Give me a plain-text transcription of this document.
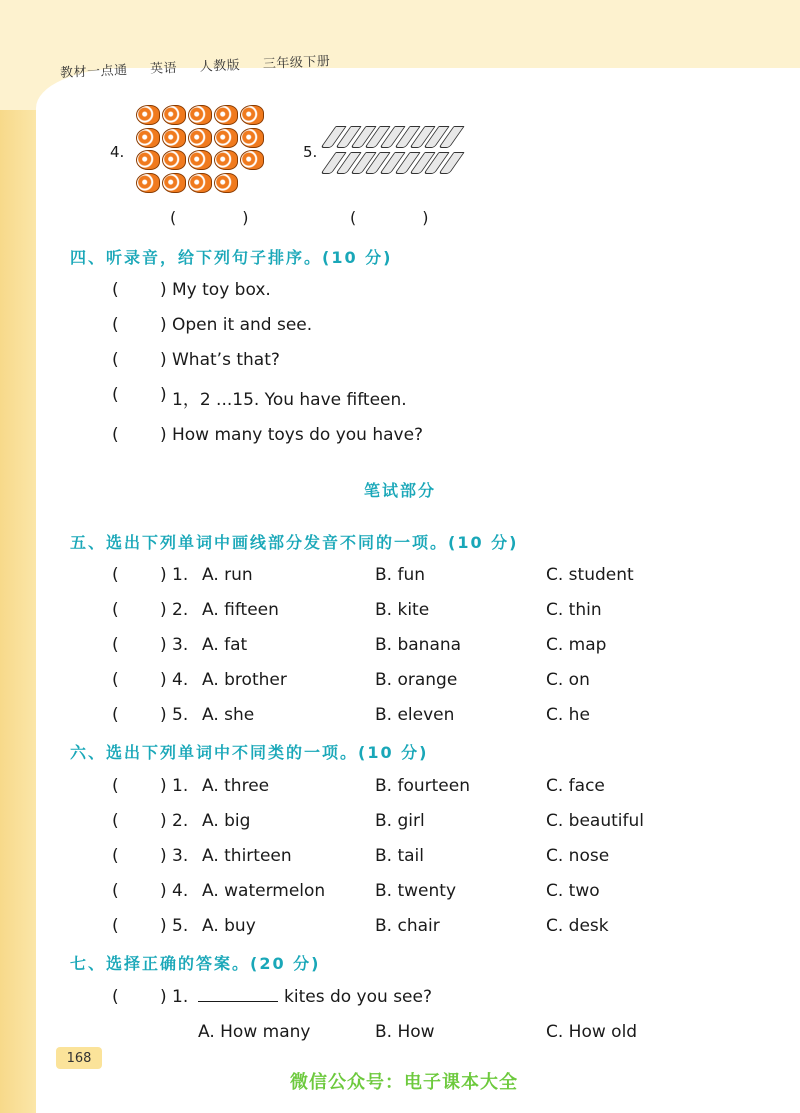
教材一点通 英语 人教版 三年级下册
4.	5.
(	)	(	)
四、听录音，给下列句子排序。(10 分)
( ) My toy box.
( ) Open it and see.
( ) What’s that?
( ) 1，2 ...15. You have fifteen.
( ) How many toys do you have?
笔试部分
五、选出下列单词中画线部分发音不同的一项。(10 分)
( ) 1. A. run	B. fun	C. student
( ) 2. A. fifteen	B. kite	C. thin
( ) 3. A. fat	B. banana	C. map
( ) 4. A. brother	B. orange	C. on
( ) 5. A. she	B. eleven	C. he
六、选出下列单词中不同类的一项。(10 分)
( ) 1. A. three	B. fourteen	C. face
( ) 2. A. big	B. girl	C. beautiful
( ) 3. A. thirteen	B. tail	C. nose
( ) 4. A. watermelon	B. twenty	C. two
( ) 5. A. buy	B. chair	C. desk
七、选择正确的答案。(20 分)
( ) 1.	kites do you see?
A. How many	B. How	C. How old
168
微信公众号：电子课本大全
